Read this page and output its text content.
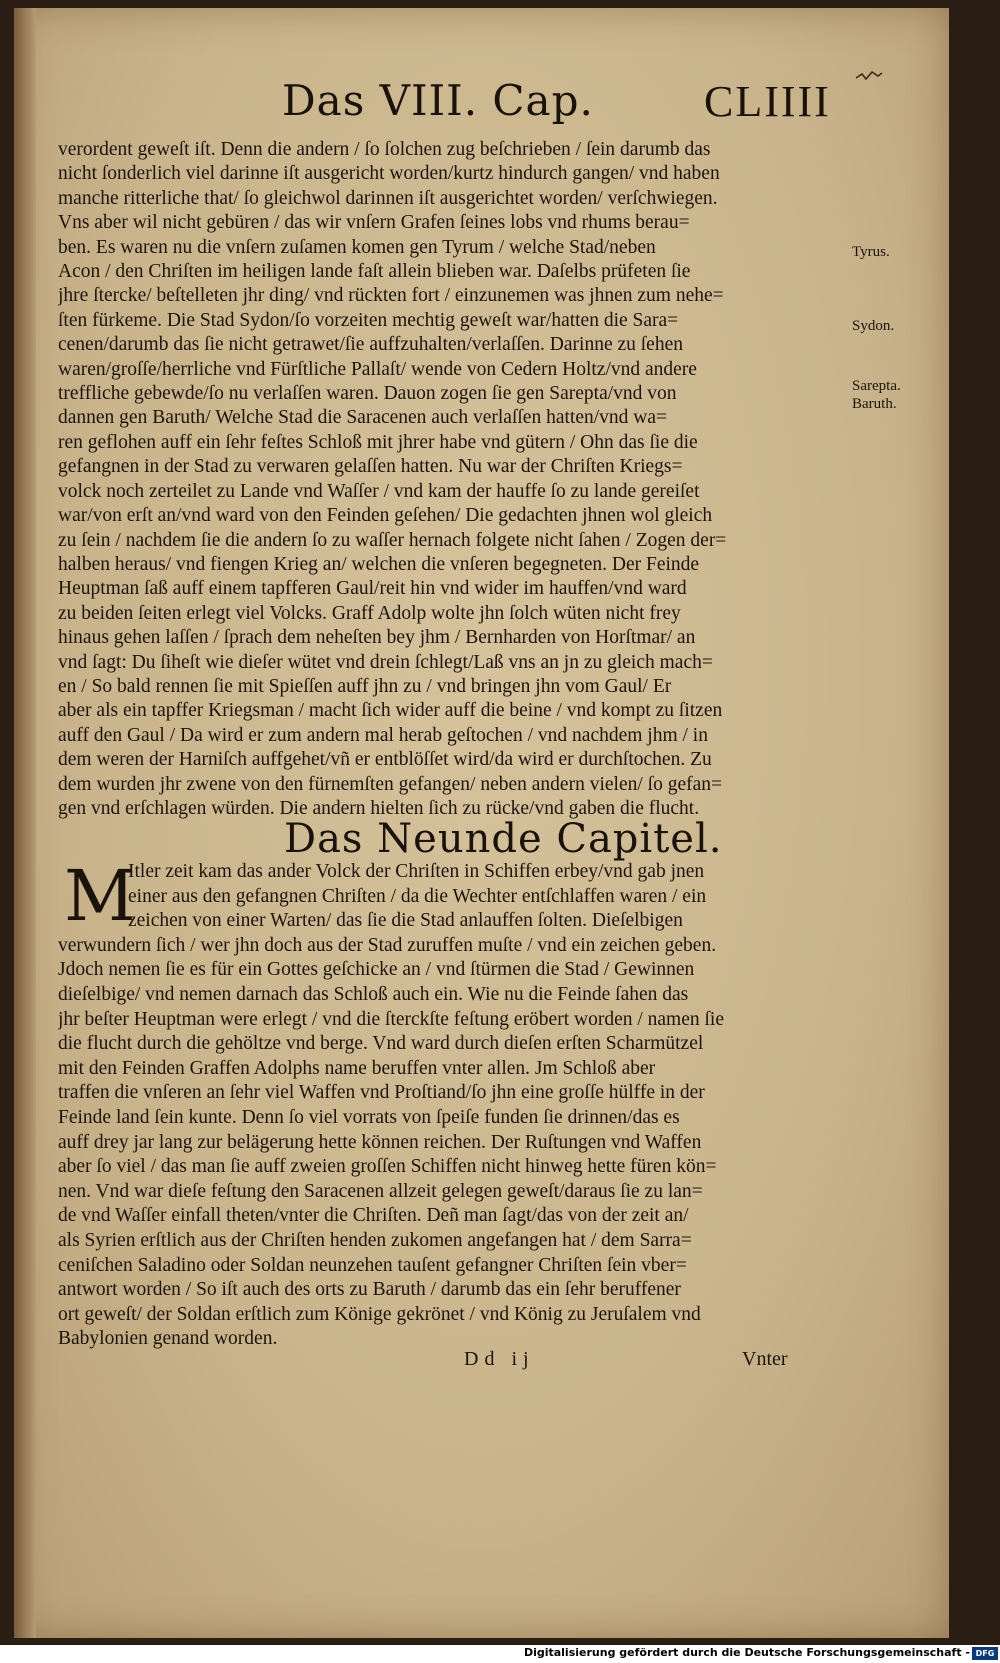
Das VIII. Cap.	CLIIII
verordent geweſt iſt. Denn die andern / ſo ſolchen zug beſchrieben / ſein darumb das
nicht ſonderlich viel darinne iſt ausgericht worden/kurtz hindurch gangen/ vnd haben
manche ritterliche that/ ſo gleichwol darinnen iſt ausgerichtet worden/ verſchwiegen.
Vns aber wil nicht gebüren / das wir vnſern Grafen ſeines lobs vnd rhums berau=
ben. Es waren nu die vnſern zuſamen komen gen Tyrum / welche Stad/neben
Acon / den Chriſten im heiligen lande faſt allein blieben war. Daſelbs prüfeten ſie
jhre ſtercke/ beſtelleten jhr ding/ vnd rückten fort / einzunemen was jhnen zum nehe=
ſten fürkeme. Die Stad Sydon/ſo vorzeiten mechtig geweſt war/hatten die Sara=
cenen/darumb das ſie nicht getrawet/ſie auffzuhalten/verlaſſen. Darinne zu ſehen
waren/groſſe/herrliche vnd Fürſtliche Pallaſt/ wende von Cedern Holtz/vnd andere
treffliche gebewde/ſo nu verlaſſen waren. Dauon zogen ſie gen Sarepta/vnd von
dannen gen Baruth/ Welche Stad die Saracenen auch verlaſſen hatten/vnd wa=
ren geflohen auff ein ſehr feſtes Schloß mit jhrer habe vnd gütern / Ohn das ſie die
gefangnen in der Stad zu verwaren gelaſſen hatten. Nu war der Chriſten Kriegs=
volck noch zerteilet zu Lande vnd Waſſer / vnd kam der hauffe ſo zu lande gereiſet
war/von erſt an/vnd ward von den Feinden geſehen/ Die gedachten jhnen wol gleich
zu ſein / nachdem ſie die andern ſo zu waſſer hernach folgete nicht ſahen / Zogen der=
halben heraus/ vnd fiengen Krieg an/ welchen die vnſeren begegneten. Der Feinde
Heuptman ſaß auff einem tapfferen Gaul/reit hin vnd wider im hauffen/vnd ward
zu beiden ſeiten erlegt viel Volcks. Graff Adolp wolte jhn ſolch wüten nicht frey
hinaus gehen laſſen / ſprach dem neheſten bey jhm / Bernharden von Horſtmar/ an
vnd ſagt: Du ſiheſt wie dieſer wütet vnd drein ſchlegt/Laß vns an jn zu gleich mach=
en / So bald rennen ſie mit Spieſſen auff jhn zu / vnd bringen jhn vom Gaul/ Er
aber als ein tapffer Kriegsman / macht ſich wider auff die beine / vnd kompt zu ſitzen
auff den Gaul / Da wird er zum andern mal herab geſtochen / vnd nachdem jhm / in
dem weren der Harniſch auffgehet/vñ er entblöſſet wird/da wird er durchſtochen. Zu
dem wurden jhr zwene von den fürnemſten gefangen/ neben andern vielen/ ſo gefan=
gen vnd erſchlagen würden. Die andern hielten ſich zu rücke/vnd gaben die flucht.
Das Neunde Capitel.
M
Itler zeit kam das ander Volck der Chriſten in Schiffen erbey/vnd gab jnen
einer aus den gefangnen Chriſten / da die Wechter entſchlaffen waren / ein
zeichen von einer Warten/ das ſie die Stad anlauffen ſolten. Dieſelbigen
verwundern ſich / wer jhn doch aus der Stad zuruffen muſte / vnd ein zeichen geben.
Jdoch nemen ſie es für ein Gottes geſchicke an / vnd ſtürmen die Stad / Gewinnen
dieſelbige/ vnd nemen darnach das Schloß auch ein. Wie nu die Feinde ſahen das
jhr beſter Heuptman were erlegt / vnd die ſterckſte feſtung eröbert worden / namen ſie
die flucht durch die gehöltze vnd berge. Vnd ward durch dieſen erſten Scharmützel
mit den Feinden Graffen Adolphs name beruffen vnter allen. Jm Schloß aber
traffen die vnſeren an ſehr viel Waffen vnd Proſtiand/ſo jhn eine groſſe hülffe in der
Feinde land ſein kunte. Denn ſo viel vorrats von ſpeiſe funden ſie drinnen/das es
auff drey jar lang zur belägerung hette können reichen. Der Ruſtungen vnd Waffen
aber ſo viel / das man ſie auff zweien groſſen Schiffen nicht hinweg hette füren kön=
nen. Vnd war dieſe feſtung den Saracenen allzeit gelegen geweſt/daraus ſie zu lan=
de vnd Waſſer einfall theten/vnter die Chriſten. Deñ man ſagt/das von der zeit an/
als Syrien erſtlich aus der Chriſten henden zukomen angefangen hat / dem Sarra=
ceniſchen Saladino oder Soldan neunzehen tauſent gefangner Chriſten ſein vber=
antwort worden / So iſt auch des orts zu Baruth / darumb das ein ſehr beruffener
ort geweſt/ der Soldan erſtlich zum Könige gekrönet / vnd König zu Jeruſalem vnd
Babylonien genand worden.
Tyrus.
Sydon.
Sarepta.
Baruth.
Dd ij	Vnter
Digitalisierung gefördert durch die Deutsche Forschungsgemeinschaft - DFG
